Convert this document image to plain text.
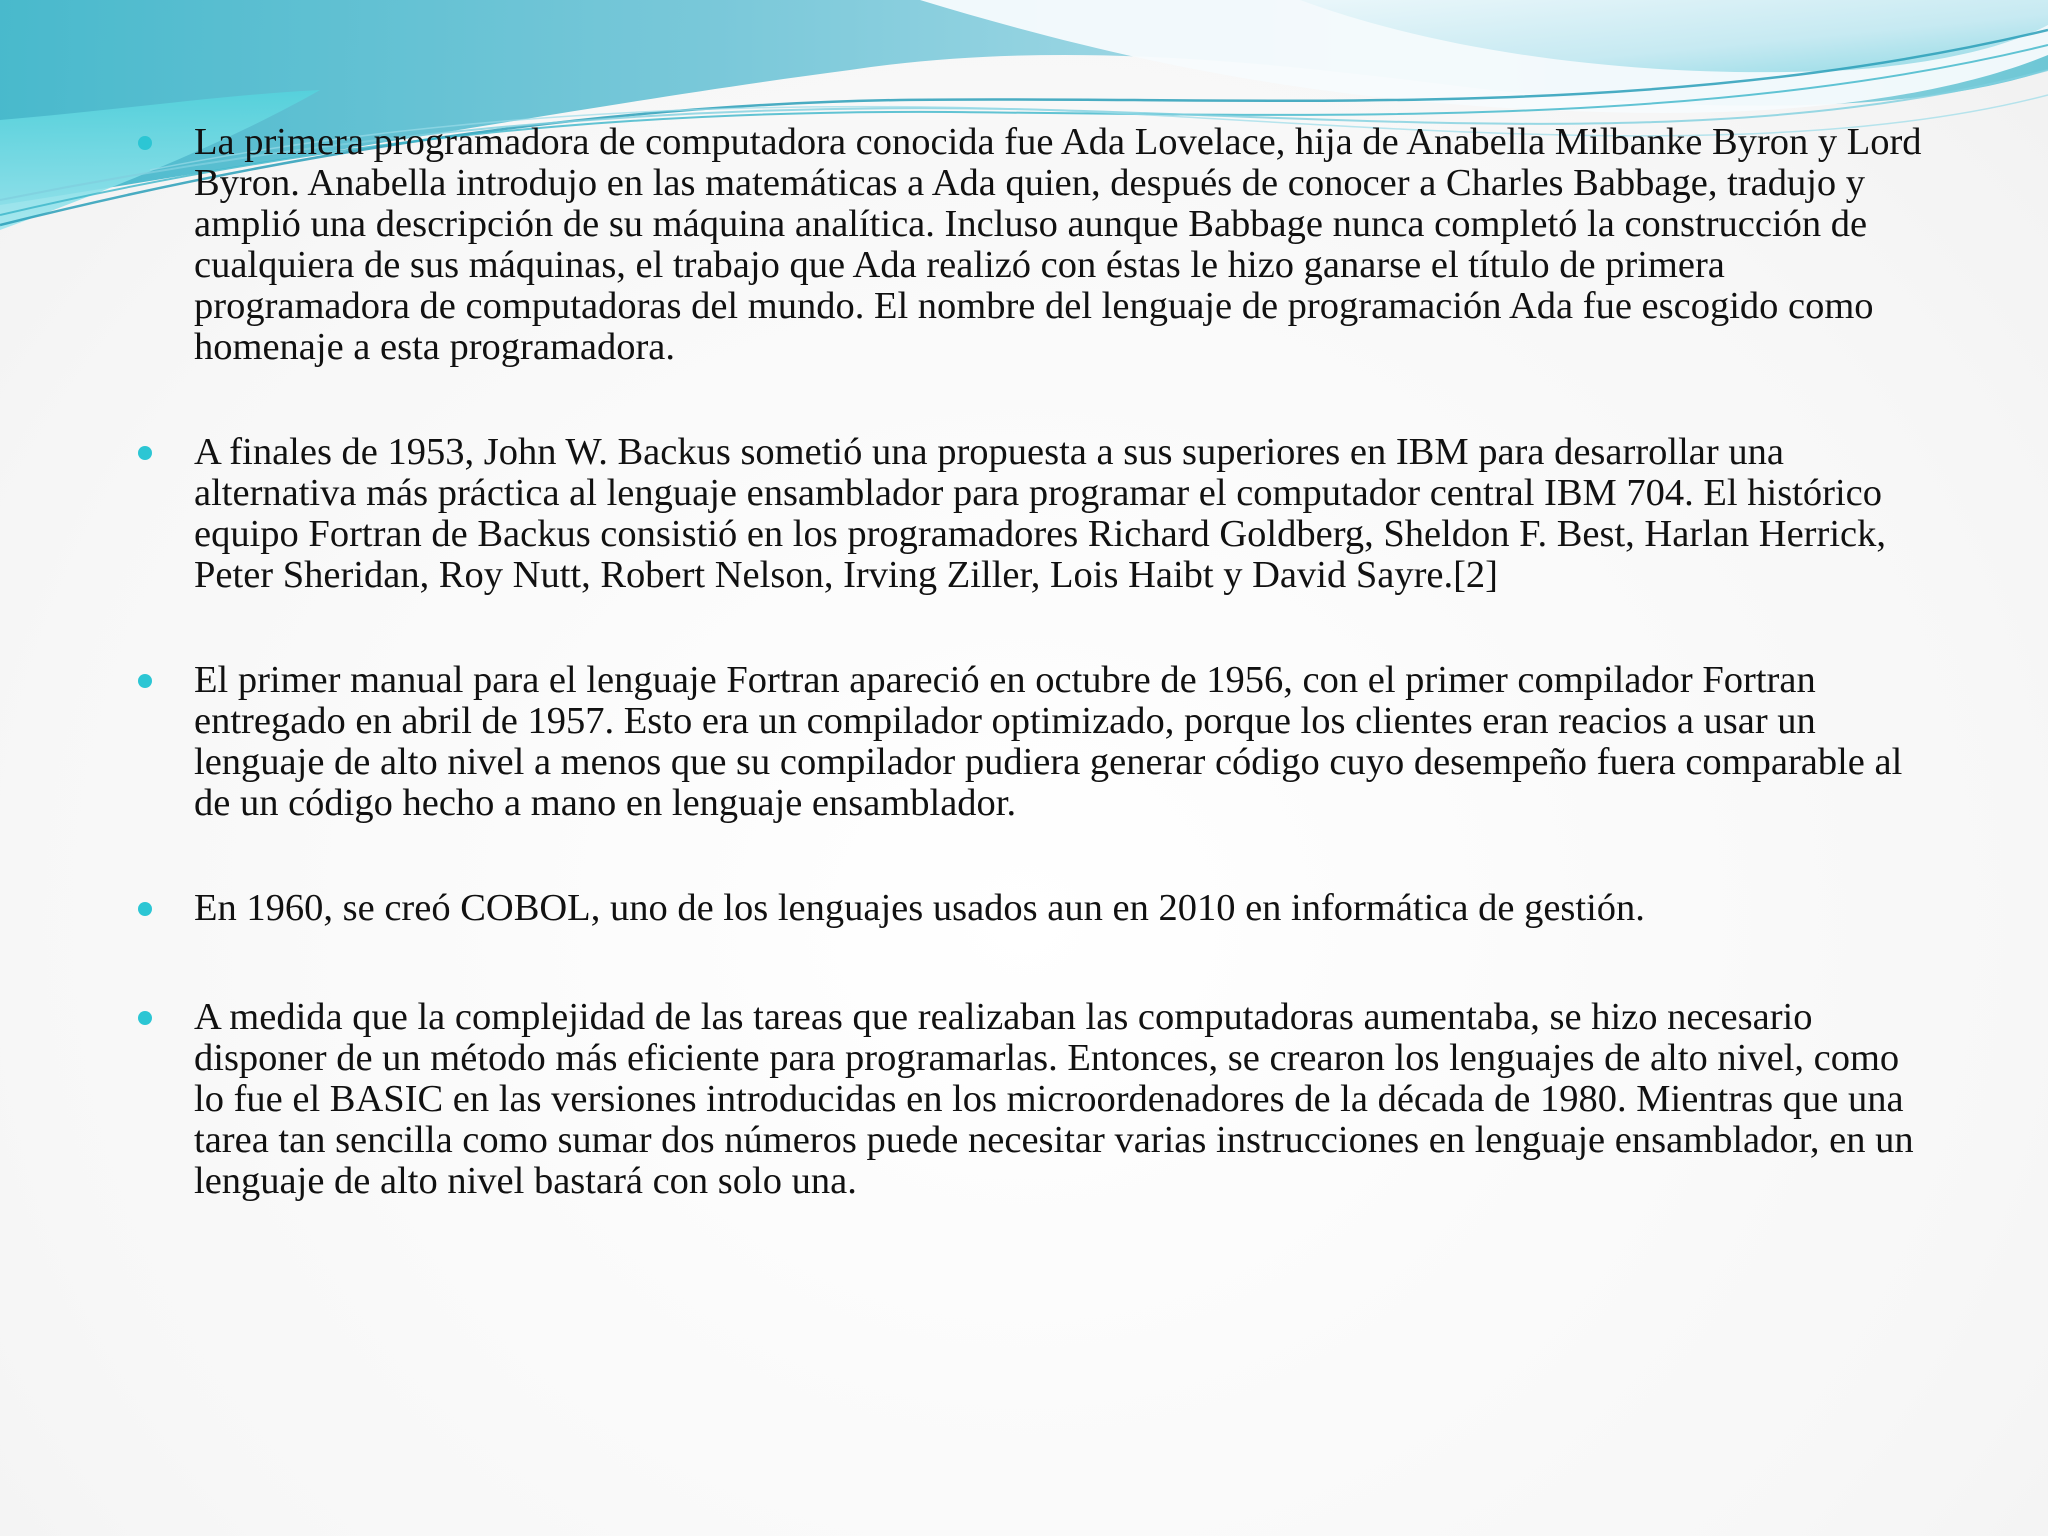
La primera programadora de computadora conocida fue Ada Lovelace, hija de Anabella Milbanke Byron y Lord Byron. Anabella introdujo en las matemáticas a Ada quien, después de conocer a Charles Babbage, tradujo y amplió una descripción de su máquina analítica. Incluso aunque Babbage nunca completó la construcción de cualquiera de sus máquinas, el trabajo que Ada realizó con éstas le hizo ganarse el título de primera programadora de computadoras del mundo. El nombre del lenguaje de programación Ada fue escogido como homenaje a esta programadora.
A finales de 1953, John W. Backus sometió una propuesta a sus superiores en IBM para desarrollar una alternativa más práctica al lenguaje ensamblador para programar el computador central IBM 704. El histórico equipo Fortran de Backus consistió en los programadores Richard Goldberg, Sheldon F. Best, Harlan Herrick, Peter Sheridan, Roy Nutt, Robert Nelson, Irving Ziller, Lois Haibt y David Sayre.[2]
El primer manual para el lenguaje Fortran apareció en octubre de 1956, con el primer compilador Fortran entregado en abril de 1957. Esto era un compilador optimizado, porque los clientes eran reacios a usar un lenguaje de alto nivel a menos que su compilador pudiera generar código cuyo desempeño fuera comparable al de un código hecho a mano en lenguaje ensamblador.
En 1960, se creó COBOL, uno de los lenguajes usados aun en 2010 en informática de gestión.
A medida que la complejidad de las tareas que realizaban las computadoras aumentaba, se hizo necesario disponer de un método más eficiente para programarlas. Entonces, se crearon los lenguajes de alto nivel, como lo fue el BASIC en las versiones introducidas en los microordenadores de la década de 1980. Mientras que una tarea tan sencilla como sumar dos números puede necesitar varias instrucciones en lenguaje ensamblador, en un lenguaje de alto nivel bastará con solo una.
